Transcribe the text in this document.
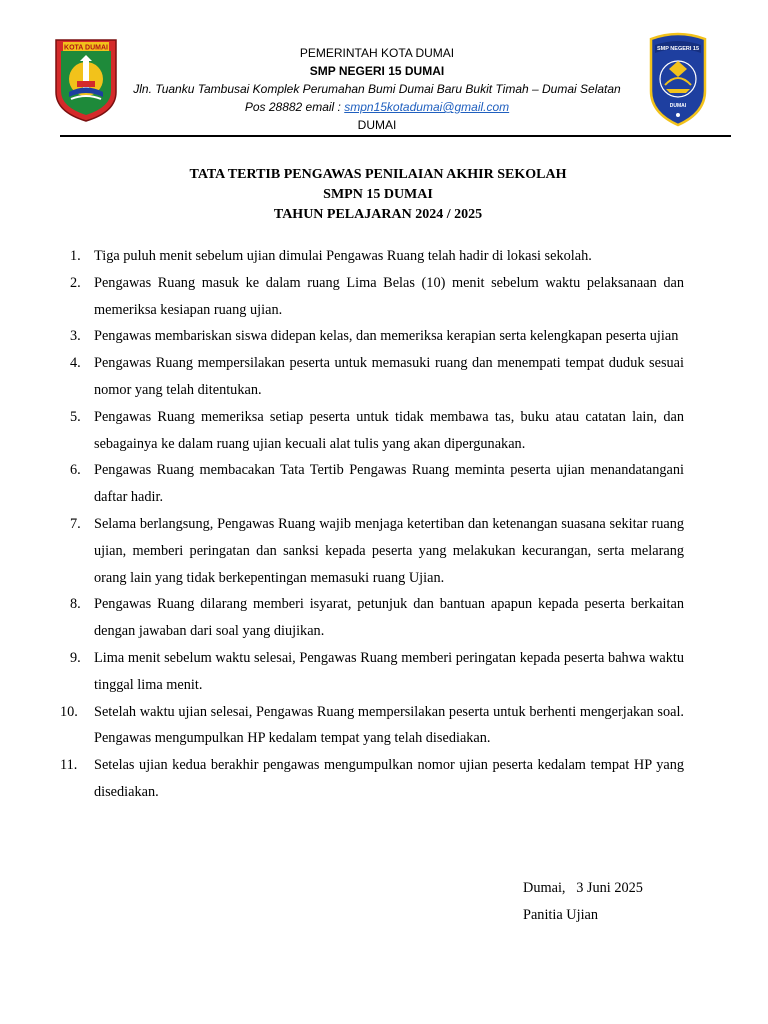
KOTA DUMAI	PEMERINTAH KOTA DUMAI
SMP NEGERI 15 DUMAI
Jln. Tuanku Tambusai Komplek Perumahan Bumi Dumai Baru Bukit Timah – Dumai Selatan
Pos 28882 email : smpn15kotadumai@gmail.com
DUMAI
SMP NEGERI 15
DUMAI
TATA TERTIB PENGAWAS PENILAIAN AKHIR SEKOLAH
SMPN 15 DUMAI
TAHUN PELAJARAN 2024 / 2025
1. Tiga puluh menit sebelum ujian dimulai Pengawas Ruang telah hadir di lokasi sekolah.
2. Pengawas Ruang masuk ke dalam ruang Lima Belas (10) menit sebelum waktu pelaksanaan dan memeriksa kesiapan ruang ujian.
3. Pengawas membariskan siswa didepan kelas, dan memeriksa kerapian serta kelengkapan peserta ujian
4. Pengawas Ruang mempersilakan peserta untuk memasuki ruang dan menempati tempat duduk sesuai nomor yang telah ditentukan.
5. Pengawas Ruang memeriksa setiap peserta untuk tidak membawa tas, buku atau catatan lain, dan sebagainya ke dalam ruang ujian kecuali alat tulis yang akan dipergunakan.
6. Pengawas Ruang membacakan Tata Tertib Pengawas Ruang meminta peserta ujian menandatangani daftar hadir.
7. Selama berlangsung, Pengawas Ruang wajib menjaga ketertiban dan ketenangan suasana sekitar ruang ujian, memberi peringatan dan sanksi kepada peserta yang melakukan kecurangan, serta melarang orang lain yang tidak berkepentingan memasuki ruang Ujian.
8. Pengawas Ruang dilarang memberi isyarat, petunjuk dan bantuan apapun kepada peserta berkaitan dengan jawaban dari soal yang diujikan.
9. Lima menit sebelum waktu selesai, Pengawas Ruang memberi peringatan kepada peserta bahwa waktu tinggal lima menit.
10.	Setelah waktu ujian selesai, Pengawas Ruang mempersilakan peserta untuk berhenti mengerjakan soal. Pengawas mengumpulkan HP kedalam tempat yang telah disediakan.
11.	Setelas ujian kedua berakhir pengawas mengumpulkan nomor ujian peserta kedalam tempat HP yang disediakan.
Dumai,   3 Juni 2025
Panitia Ujian
